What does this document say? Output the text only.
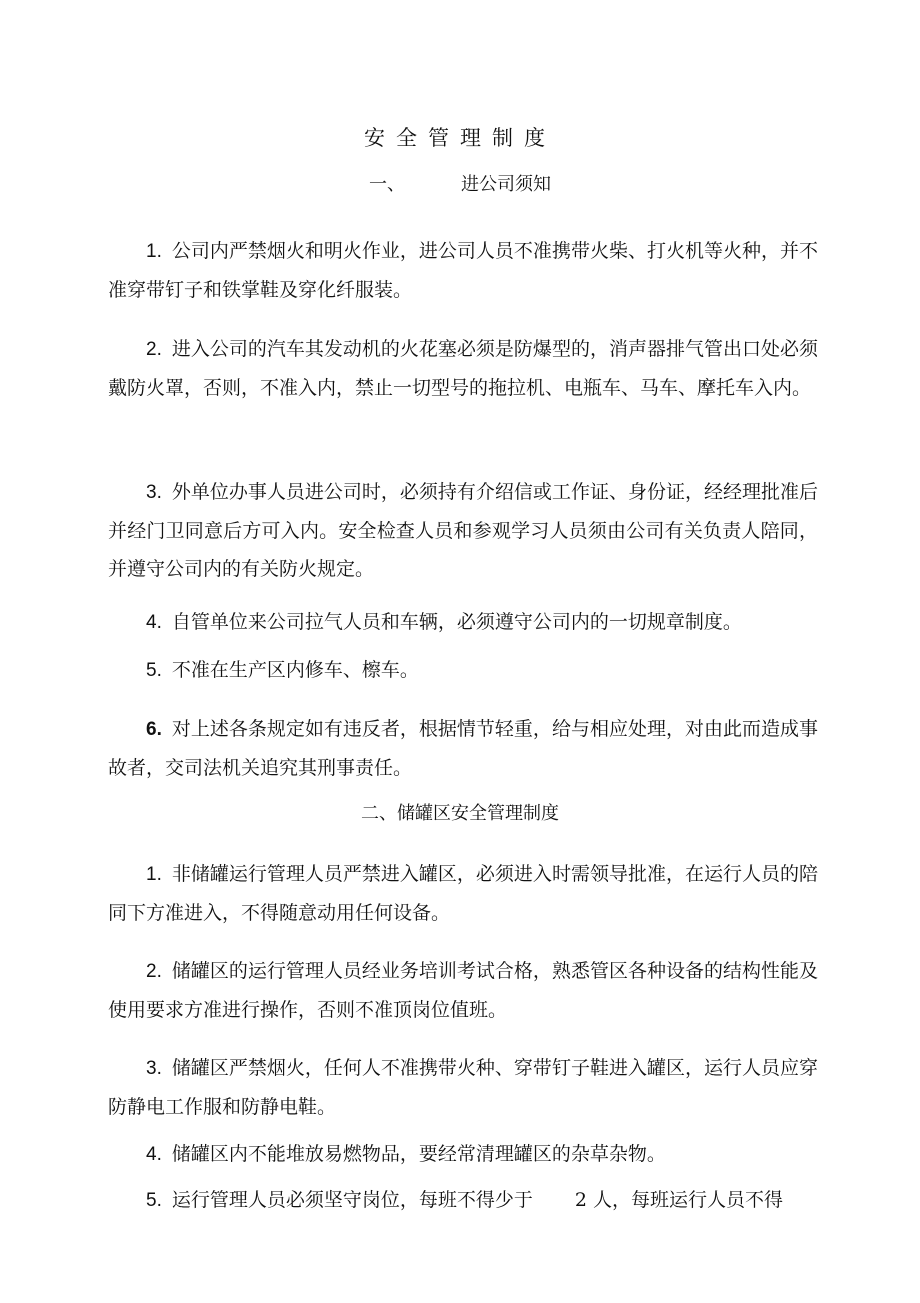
安全管理制度
一、	进公司须知
1. 公司内严禁烟火和明火作业，进公司人员不准携带火柴、打火机等火种，并不准穿带钉子和铁掌鞋及穿化纤服装。
2. 进入公司的汽车其发动机的火花塞必须是防爆型的，消声器排气管出口处必须戴防火罩，否则，不准入内，禁止一切型号的拖拉机、电瓶车、马车、摩托车入内。
3. 外单位办事人员进公司时，必须持有介绍信或工作证、身份证，经经理批准后并经门卫同意后方可入内。安全检查人员和参观学习人员须由公司有关负责人陪同，并遵守公司内的有关防火规定。
4. 自管单位来公司拉气人员和车辆，必须遵守公司内的一切规章制度。
5. 不准在生产区内修车、檫车。
6. 对上述各条规定如有违反者，根据情节轻重，给与相应处理，对由此而造成事故者，交司法机关追究其刑事责任。
二、储罐区安全管理制度
1. 非储罐运行管理人员严禁进入罐区，必须进入时需领导批准，在运行人员的陪同下方准进入，不得随意动用任何设备。
2. 储罐区的运行管理人员经业务培训考试合格，熟悉管区各种设备的结构性能及使用要求方准进行操作，否则不准顶岗位值班。
3. 储罐区严禁烟火，任何人不准携带火种、穿带钉子鞋进入罐区，运行人员应穿防静电工作服和防静电鞋。
4. 储罐区内不能堆放易燃物品，要经常清理罐区的杂草杂物。
5. 运行管理人员必须坚守岗位，每班不得少于 2 人，每班运行人员不得
